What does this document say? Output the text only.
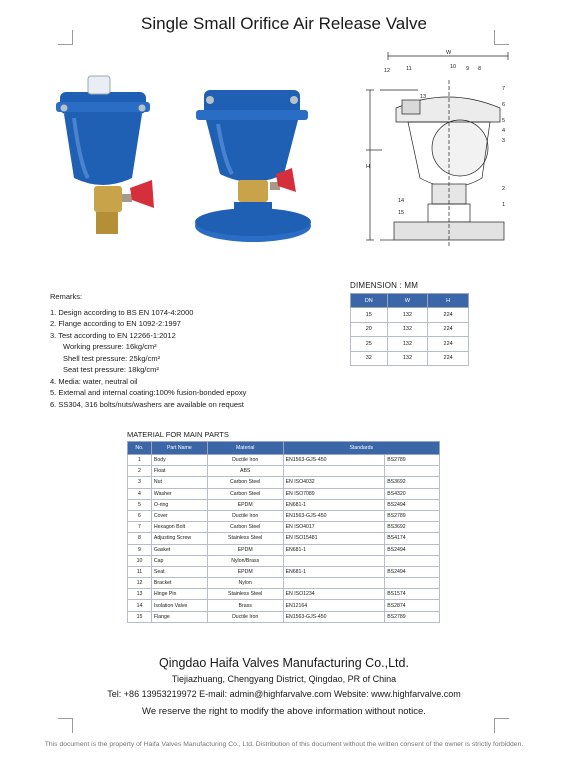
Single Small Orifice Air Release Valve
W
H
12	11	10 9 8
7
6
5
4
3
2
1
14
15
13
DIMENSION : MM
DN	W	H
15	132	224
20	132	224
25	132	224
32	132	224
Remarks:
1. Design according to BS EN 1074-4:2000
2. Flange according to EN 1092-2:1997
3. Test according to EN 12266-1:2012
Working pressure: 16kg/cm²
Shell test pressure: 25kg/cm²
Seat test pressure: 18kg/cm²
4. Media: water, neutral oil
5. External and internal coating:100% fusion-bonded epoxy
6. SS304, 316 bolts/nuts/washers are available on request
MATERIAL FOR MAIN PARTS
No.	Part Name	Material	Standards	
1	Body	Ductile Iron	EN1563-GJS-450	BS2789
2	Float	ABS		
3	Nut	Carbon Steel	EN ISO4032	BS3692
4	Washer	Carbon Steel	EN ISO7089	BS4320
5	O-ring	EPDM	EN681-1	BS2494
6	Cover	Ductile Iron	EN1563-GJS-450	BS2789
7	Hexagon Bolt	Carbon Steel	EN ISO4017	BS3692
8	Adjusting Screw	Stainless Steel	EN ISO15481	BS4174
9	Gasket	EPDM	EN681-1	BS2494
10	Cap	Nylon/Brass		
11	Seat	EPDM	EN681-1	BS2494
12	Bracket	Nylon		
13	Hinge Pin	Stainless Steel	EN ISO1234	BS1574
14	Isolation Valve	Brass	EN12164	BS2874
15	Flange	Ductile Iron	EN1563-GJS-450	BS2789
Qingdao Haifa Valves Manufacturing Co.,Ltd.
Tiejiazhuang, Chengyang District, Qingdao, PR of China
Tel: +86 13953219972 E-mail: admin@highfarvalve.com Website: www.highfarvalve.com
We reserve the right to modify the above information without notice.
This document is the property of Haifa Valves Manufacturing Co., Ltd. Distribution of this document without the written consent of the owner is strictly forbidden.
